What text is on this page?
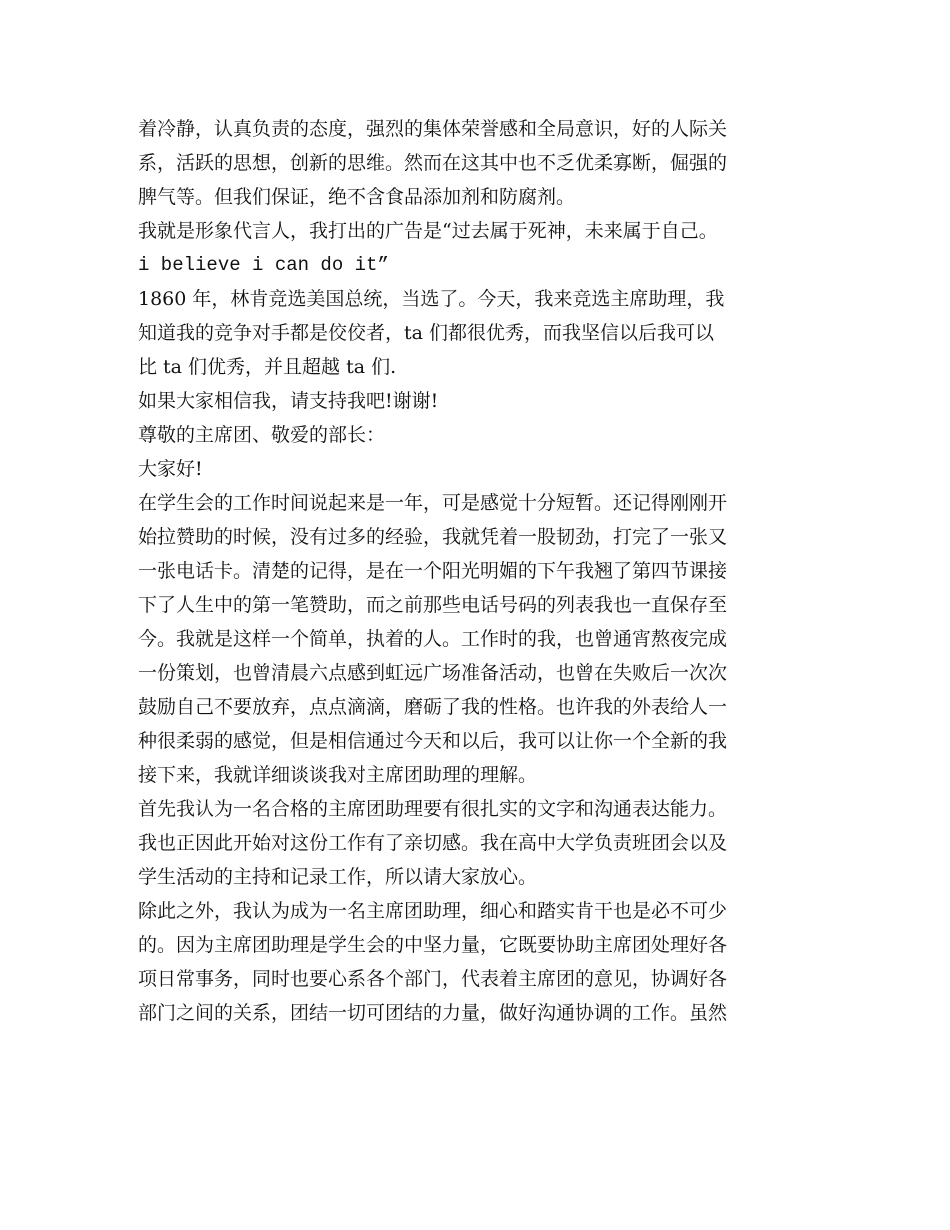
着冷静，认真负责的态度，强烈的集体荣誉感和全局意识，好的人际关
系，活跃的思想，创新的思维。然而在这其中也不乏优柔寡断，倔强的
脾气等。但我们保证，绝不含食品添加剂和防腐剂。
我就是形象代言人，我打出的广告是“过去属于死神，未来属于自己。
i believe i can do it”
1860 年，林肯竞选美国总统，当选了。今天，我来竞选主席助理，我
知道我的竞争对手都是佼佼者，ta 们都很优秀，而我坚信以后我可以
比 ta 们优秀，并且超越 ta 们.
如果大家相信我，请支持我吧!谢谢!
尊敬的主席团、敬爱的部长：
大家好!
在学生会的工作时间说起来是一年，可是感觉十分短暂。还记得刚刚开
始拉赞助的时候，没有过多的经验，我就凭着一股韧劲，打完了一张又
一张电话卡。清楚的记得，是在一个阳光明媚的下午我翘了第四节课接
下了人生中的第一笔赞助，而之前那些电话号码的列表我也一直保存至
今。我就是这样一个简单，执着的人。工作时的我，也曾通宵熬夜完成
一份策划，也曾清晨六点感到虹远广场准备活动，也曾在失败后一次次
鼓励自己不要放弃，点点滴滴，磨砺了我的性格。也许我的外表给人一
种很柔弱的感觉，但是相信通过今天和以后，我可以让你一个全新的我
接下来，我就详细谈谈我对主席团助理的理解。
首先我认为一名合格的主席团助理要有很扎实的文字和沟通表达能力。
我也正因此开始对这份工作有了亲切感。我在高中大学负责班团会以及
学生活动的主持和记录工作，所以请大家放心。
除此之外，我认为成为一名主席团助理，细心和踏实肯干也是必不可少
的。因为主席团助理是学生会的中坚力量，它既要协助主席团处理好各
项日常事务，同时也要心系各个部门，代表着主席团的意见，协调好各
部门之间的关系，团结一切可团结的力量，做好沟通协调的工作。虽然
